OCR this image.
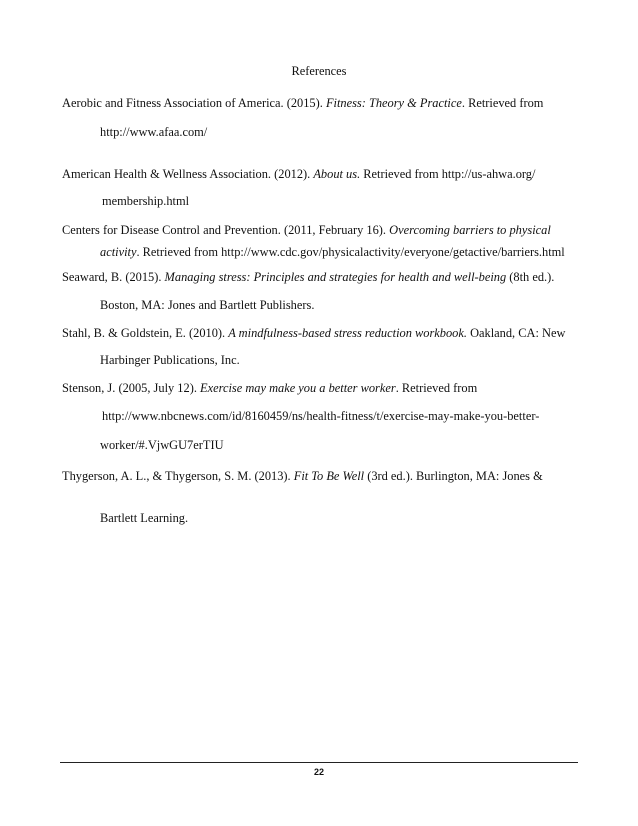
References
Aerobic and Fitness Association of America. (2015). Fitness: Theory & Practice. Retrieved from
http://www.afaa.com/
American Health & Wellness Association. (2012). About us. Retrieved from http://us-ahwa.org/
membership.html
Centers for Disease Control and Prevention. (2011, February 16). Overcoming barriers to physical
activity. Retrieved from http://www.cdc.gov/physicalactivity/everyone/getactive/barriers.html
Seaward, B. (2015). Managing stress: Principles and strategies for health and well-being (8th ed.).
Boston, MA: Jones and Bartlett Publishers.
Stahl, B. & Goldstein, E. (2010). A mindfulness-based stress reduction workbook. Oakland, CA: New
Harbinger Publications, Inc.
Stenson, J. (2005, July 12). Exercise may make you a better worker. Retrieved from
http://www.nbcnews.com/id/8160459/ns/health-fitness/t/exercise-may-make-you-better-
worker/#.VjwGU7erTIU
Thygerson, A. L., & Thygerson, S. M. (2013). Fit To Be Well (3rd ed.). Burlington, MA: Jones &
Bartlett Learning.
22
